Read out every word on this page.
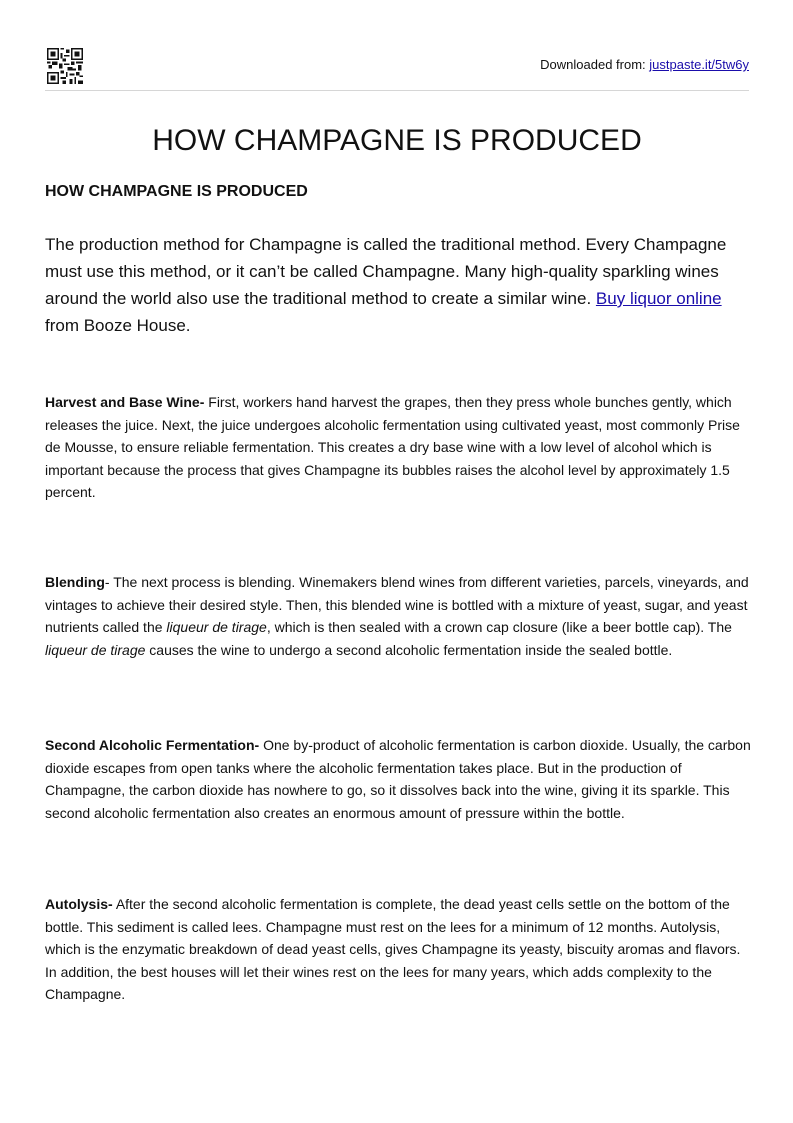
Downloaded from: justpaste.it/5tw6y
HOW CHAMPAGNE IS PRODUCED
HOW CHAMPAGNE IS PRODUCED

The production method for Champagne is called the traditional method. Every Champagne must use this method, or it can’t be called Champagne. Many high-quality sparkling wines around the world also use the traditional method to create a similar wine. Buy liquor online from Booze House.

Harvest and Base Wine- First, workers hand harvest the grapes, then they press whole bunches gently, which releases the juice. Next, the juice undergoes alcoholic fermentation using cultivated yeast, most commonly Prise de Mousse, to ensure reliable fermentation. This creates a dry base wine with a low level of alcohol which is important because the process that gives Champagne its bubbles raises the alcohol level by approximately 1.5 percent.

Blending- The next process is blending. Winemakers blend wines from different varieties, parcels, vineyards, and vintages to achieve their desired style. Then, this blended wine is bottled with a mixture of yeast, sugar, and yeast nutrients called the liqueur de tirage, which is then sealed with a crown cap closure (like a beer bottle cap). The liqueur de tirage causes the wine to undergo a second alcoholic fermentation inside the sealed bottle.

Second Alcoholic Fermentation- One by-product of alcoholic fermentation is carbon dioxide. Usually, the carbon dioxide escapes from open tanks where the alcoholic fermentation takes place. But in the production of Champagne, the carbon dioxide has nowhere to go, so it dissolves back into the wine, giving it its sparkle. This second alcoholic fermentation also creates an enormous amount of pressure within the bottle.

Autolysis- After the second alcoholic fermentation is complete, the dead yeast cells settle on the bottom of the bottle. This sediment is called lees. Champagne must rest on the lees for a minimum of 12 months. Autolysis, which is the enzymatic breakdown of dead yeast cells, gives Champagne its yeasty, biscuity aromas and flavors. In addition, the best houses will let their wines rest on the lees for many years, which adds complexity to the Champagne.
